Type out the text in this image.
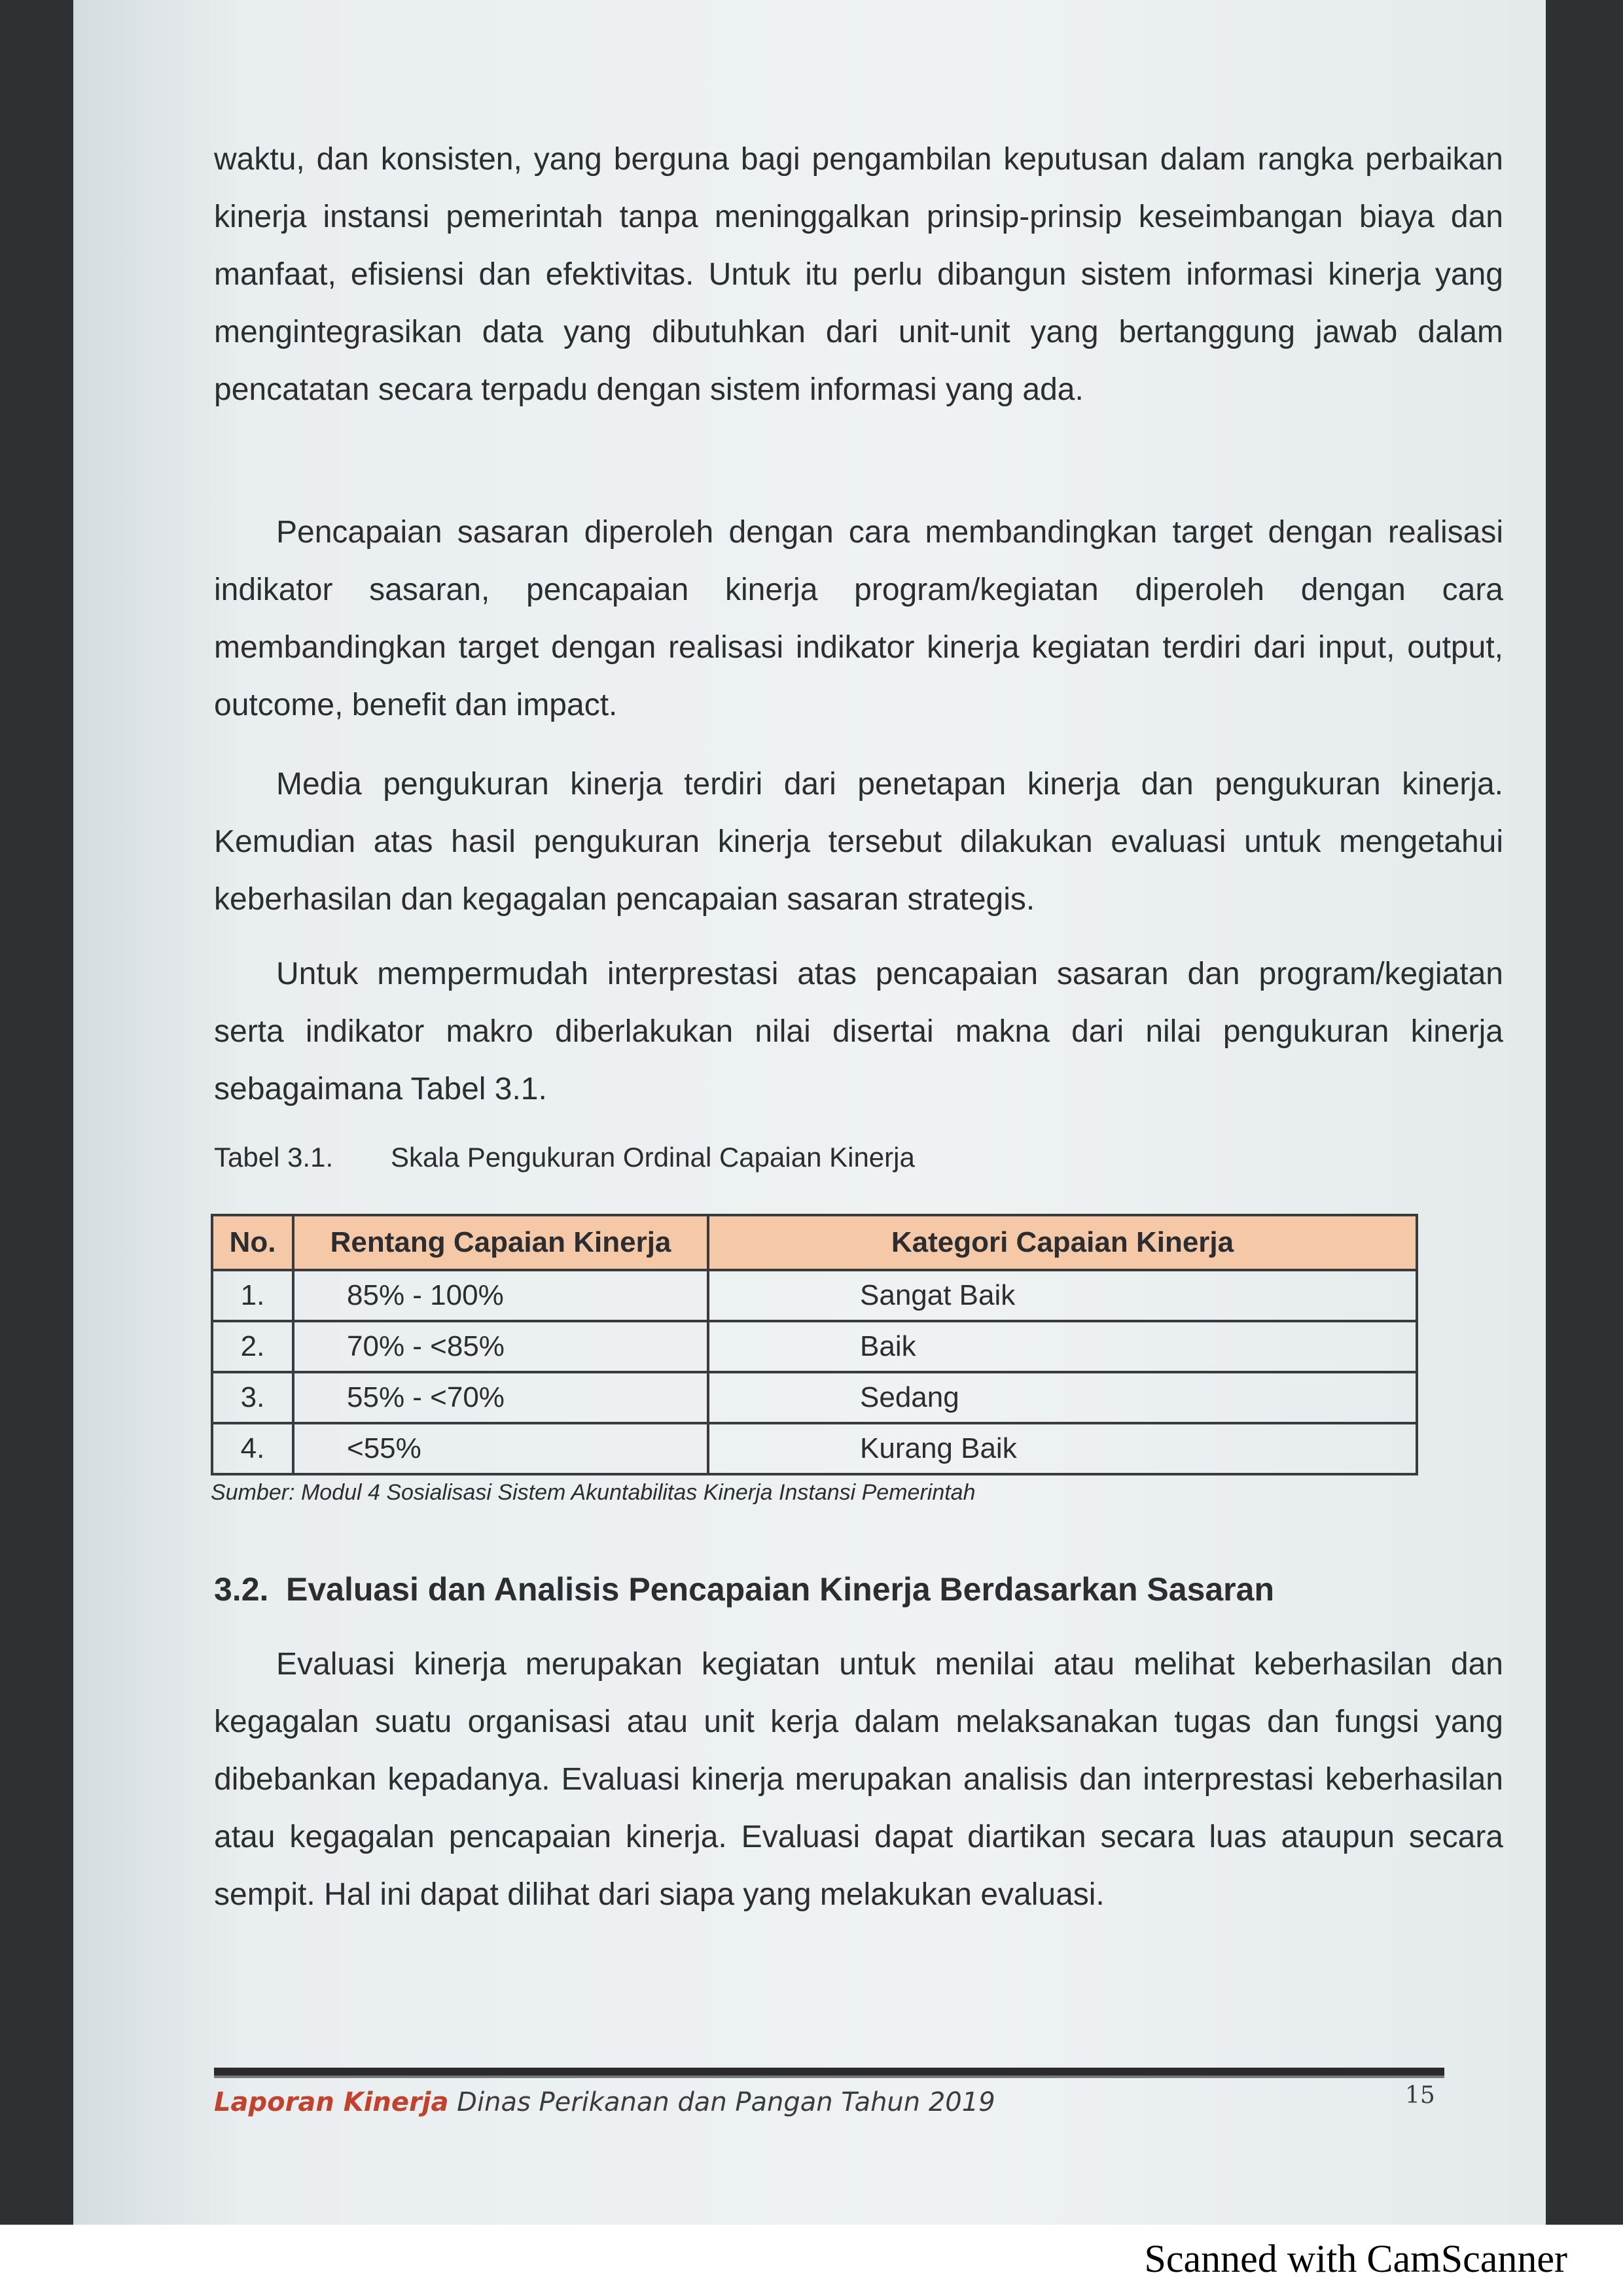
waktu, dan konsisten, yang berguna bagi pengambilan keputusan dalam rangka perbaikan kinerja instansi pemerintah tanpa meninggalkan prinsip-prinsip keseimbangan biaya dan manfaat, efisiensi dan efektivitas. Untuk itu perlu dibangun sistem informasi kinerja yang mengintegrasikan data yang dibutuhkan dari unit-unit yang bertanggung jawab dalam pencatatan secara terpadu dengan sistem informasi yang ada.

Pencapaian sasaran diperoleh dengan cara membandingkan target dengan realisasi indikator sasaran, pencapaian kinerja program/kegiatan diperoleh dengan cara membandingkan target dengan realisasi indikator kinerja kegiatan terdiri dari input, output, outcome, benefit dan impact.

Media pengukuran kinerja terdiri dari penetapan kinerja dan pengukuran kinerja. Kemudian atas hasil pengukuran kinerja tersebut dilakukan evaluasi untuk mengetahui keberhasilan dan kegagalan pencapaian sasaran strategis.

Untuk mempermudah interprestasi atas pencapaian sasaran dan program/kegiatan serta indikator makro diberlakukan nilai disertai makna dari nilai pengukuran kinerja sebagaimana Tabel 3.1.

Tabel 3.1. Skala Pengukuran Ordinal Capaian Kinerja
No.	Rentang Capaian Kinerja	Kategori Capaian Kinerja
1.	85% - 100%	Sangat Baik
2.	70% - <85%	Baik
3.	55% - <70%	Sedang
4.	<55%	Kurang Baik
Sumber: Modul 4 Sosialisasi Sistem Akuntabilitas Kinerja Instansi Pemerintah
3.2. Evaluasi dan Analisis Pencapaian Kinerja Berdasarkan Sasaran

Evaluasi kinerja merupakan kegiatan untuk menilai atau melihat keberhasilan dan kegagalan suatu organisasi atau unit kerja dalam melaksanakan tugas dan fungsi yang dibebankan kepadanya. Evaluasi kinerja merupakan analisis dan interprestasi keberhasilan atau kegagalan pencapaian kinerja. Evaluasi dapat diartikan secara luas ataupun secara sempit. Hal ini dapat dilihat dari siapa yang melakukan evaluasi.

Laporan Kinerja Dinas Perikanan dan Pangan Tahun 2019	15
Scanned with CamScanner
